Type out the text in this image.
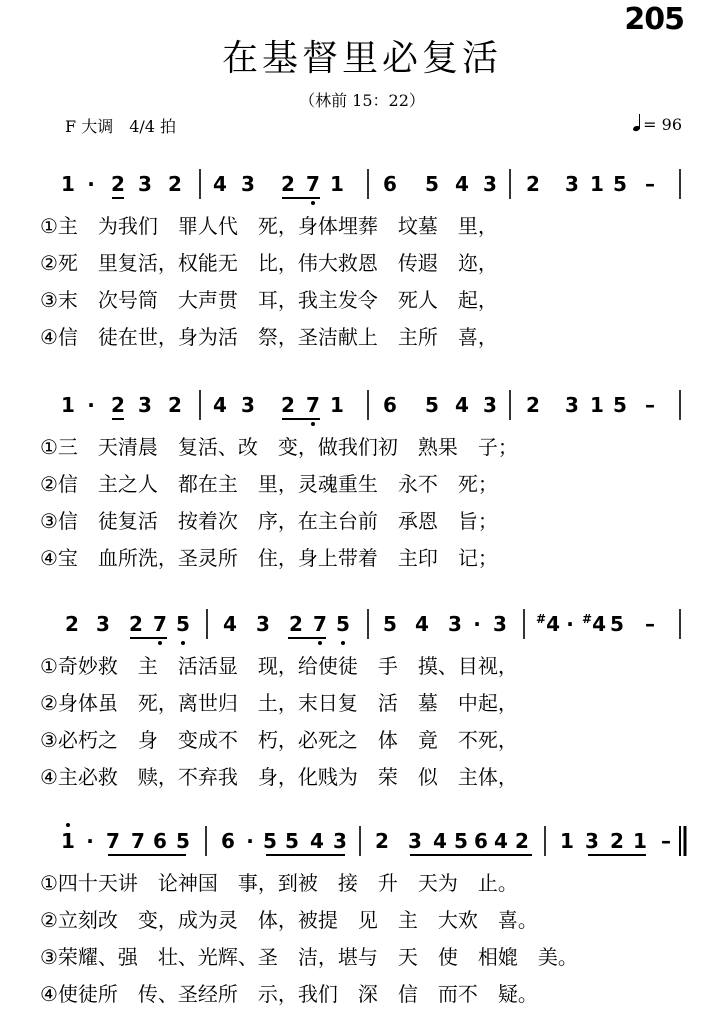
205
在基督里必复活
（林前 15：22）
F 大调　4/4 拍	= 96
1 · 2 3 2 4 3 2 7 1 6 5 4 3 2 3 1 5 –
①主　为我们　罪人代　死，身体埋葬　坟墓　里，
②死　里复活，权能无　比，伟大救恩　传遐　迩，
③末　次号筒　大声贯　耳，我主发令　死人　起，
④信　徒在世，身为活　祭，圣洁献上　主所　喜，
1 · 2 3 2 4 3 2 7 1 6 5 4 3 2 3 1 5 –
①三　天清晨　复活、改　变，做我们初　熟果　子；
②信　主之人　都在主　里，灵魂重生　永不　死；
③信　徒复活　按着次　序，在主台前　承恩　旨；
④宝　血所洗，圣灵所　住，身上带着　主印　记；
2 3 2 7 5 4 3 2 7 5 5 4 3 · 3 #4 · #4 5 –
①奇妙救　主　活活显　现，给使徒　手　摸、目视，
②身体虽　死，离世归　土，末日复　活　墓　中起，
③必朽之　身　变成不　朽，必死之　体　竟　不死，
④主必救　赎，不弃我　身，化贱为　荣　似　主体，
1 · 7 7 6 5 6 · 5 5 4 3 2 3 4 5 6 4 2 1 3 2 1 –
①四十天讲　论神国　事，到被　接　升　天为　止。
②立刻改　变，成为灵　体，被提　见　主　大欢　喜。
③荣耀、强　壮、光辉、圣　洁，堪与　天　使　相媲　美。
④使徒所　传、圣经所　示，我们　深　信　而不　疑。
